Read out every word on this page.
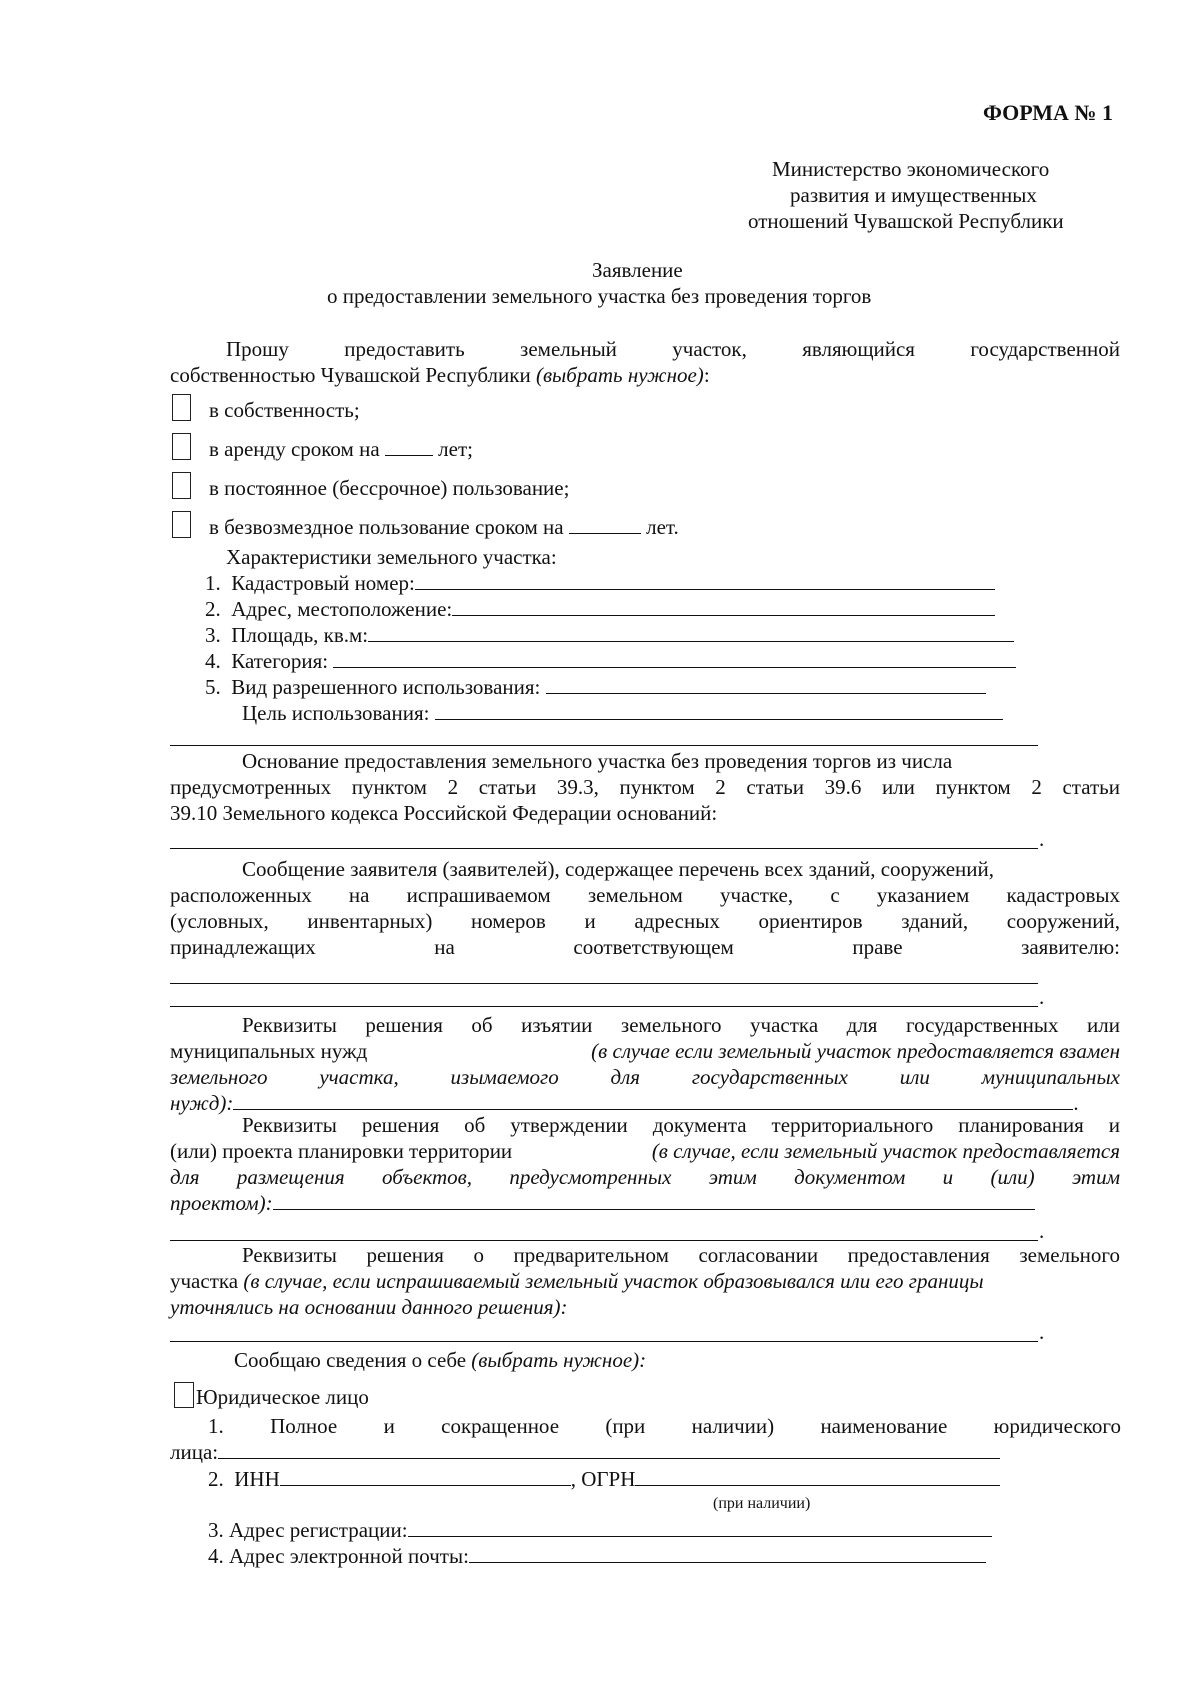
ФОРМА № 1
Министерство экономического
развития и имущественных
отношений Чувашской Республики
Заявление
о предоставлении земельного участка без проведения торгов
Прошу	предоставить	земельный	участок,	являющийся	государственной
собственностью Чувашской Республики (выбрать нужное):
в собственность;
в аренду сроком на	лет;
в постоянное (бессрочное) пользование;
в безвозмездное пользование сроком на	лет.
Характеристики земельного участка:
1. Кадастровый номер:
2. Адрес, местоположение:
3. Площадь, кв.м:
4. Категория:
5. Вид разрешенного использования:
Цель использования:
Основание предоставления земельного участка без проведения торгов из числа
предусмотренных пунктом 2 статьи 39.3, пунктом 2 статьи 39.6 или пунктом 2 статьи
39.10 Земельного кодекса Российской Федерации оснований:
.
Сообщение заявителя (заявителей), содержащее перечень всех зданий, сооружений,
расположенных на испрашиваемом земельном участке, с указанием кадастровых
(условных, инвентарных) номеров и адресных ориентиров зданий, сооружений,
принадлежащих на соответствующем праве заявителю:
.
Реквизиты решения об изъятии земельного участка для государственных или
муниципальных нужд	(в случае если земельный участок предоставляется взамен
земельного участка, изымаемого для государственных или муниципальных
нужд):	.
Реквизиты решения об утверждении документа территориального планирования и
(или) проекта планировки территории	(в случае, если земельный участок предоставляется
для размещения объектов, предусмотренных этим документом и (или) этим
проектом):
.
Реквизиты решения о предварительном согласовании предоставления земельного
участка (в случае, если испрашиваемый земельный участок образовывался или его границы
уточнялись на основании данного решения):
.
Сообщаю сведения о себе (выбрать нужное):
Юридическое лицо
1. Полное и сокращенное (при наличии) наименование юридического
лица:
2. ИНН	, ОГРН
(при наличии)
3. Адрес регистрации:
4. Адрес электронной почты:
